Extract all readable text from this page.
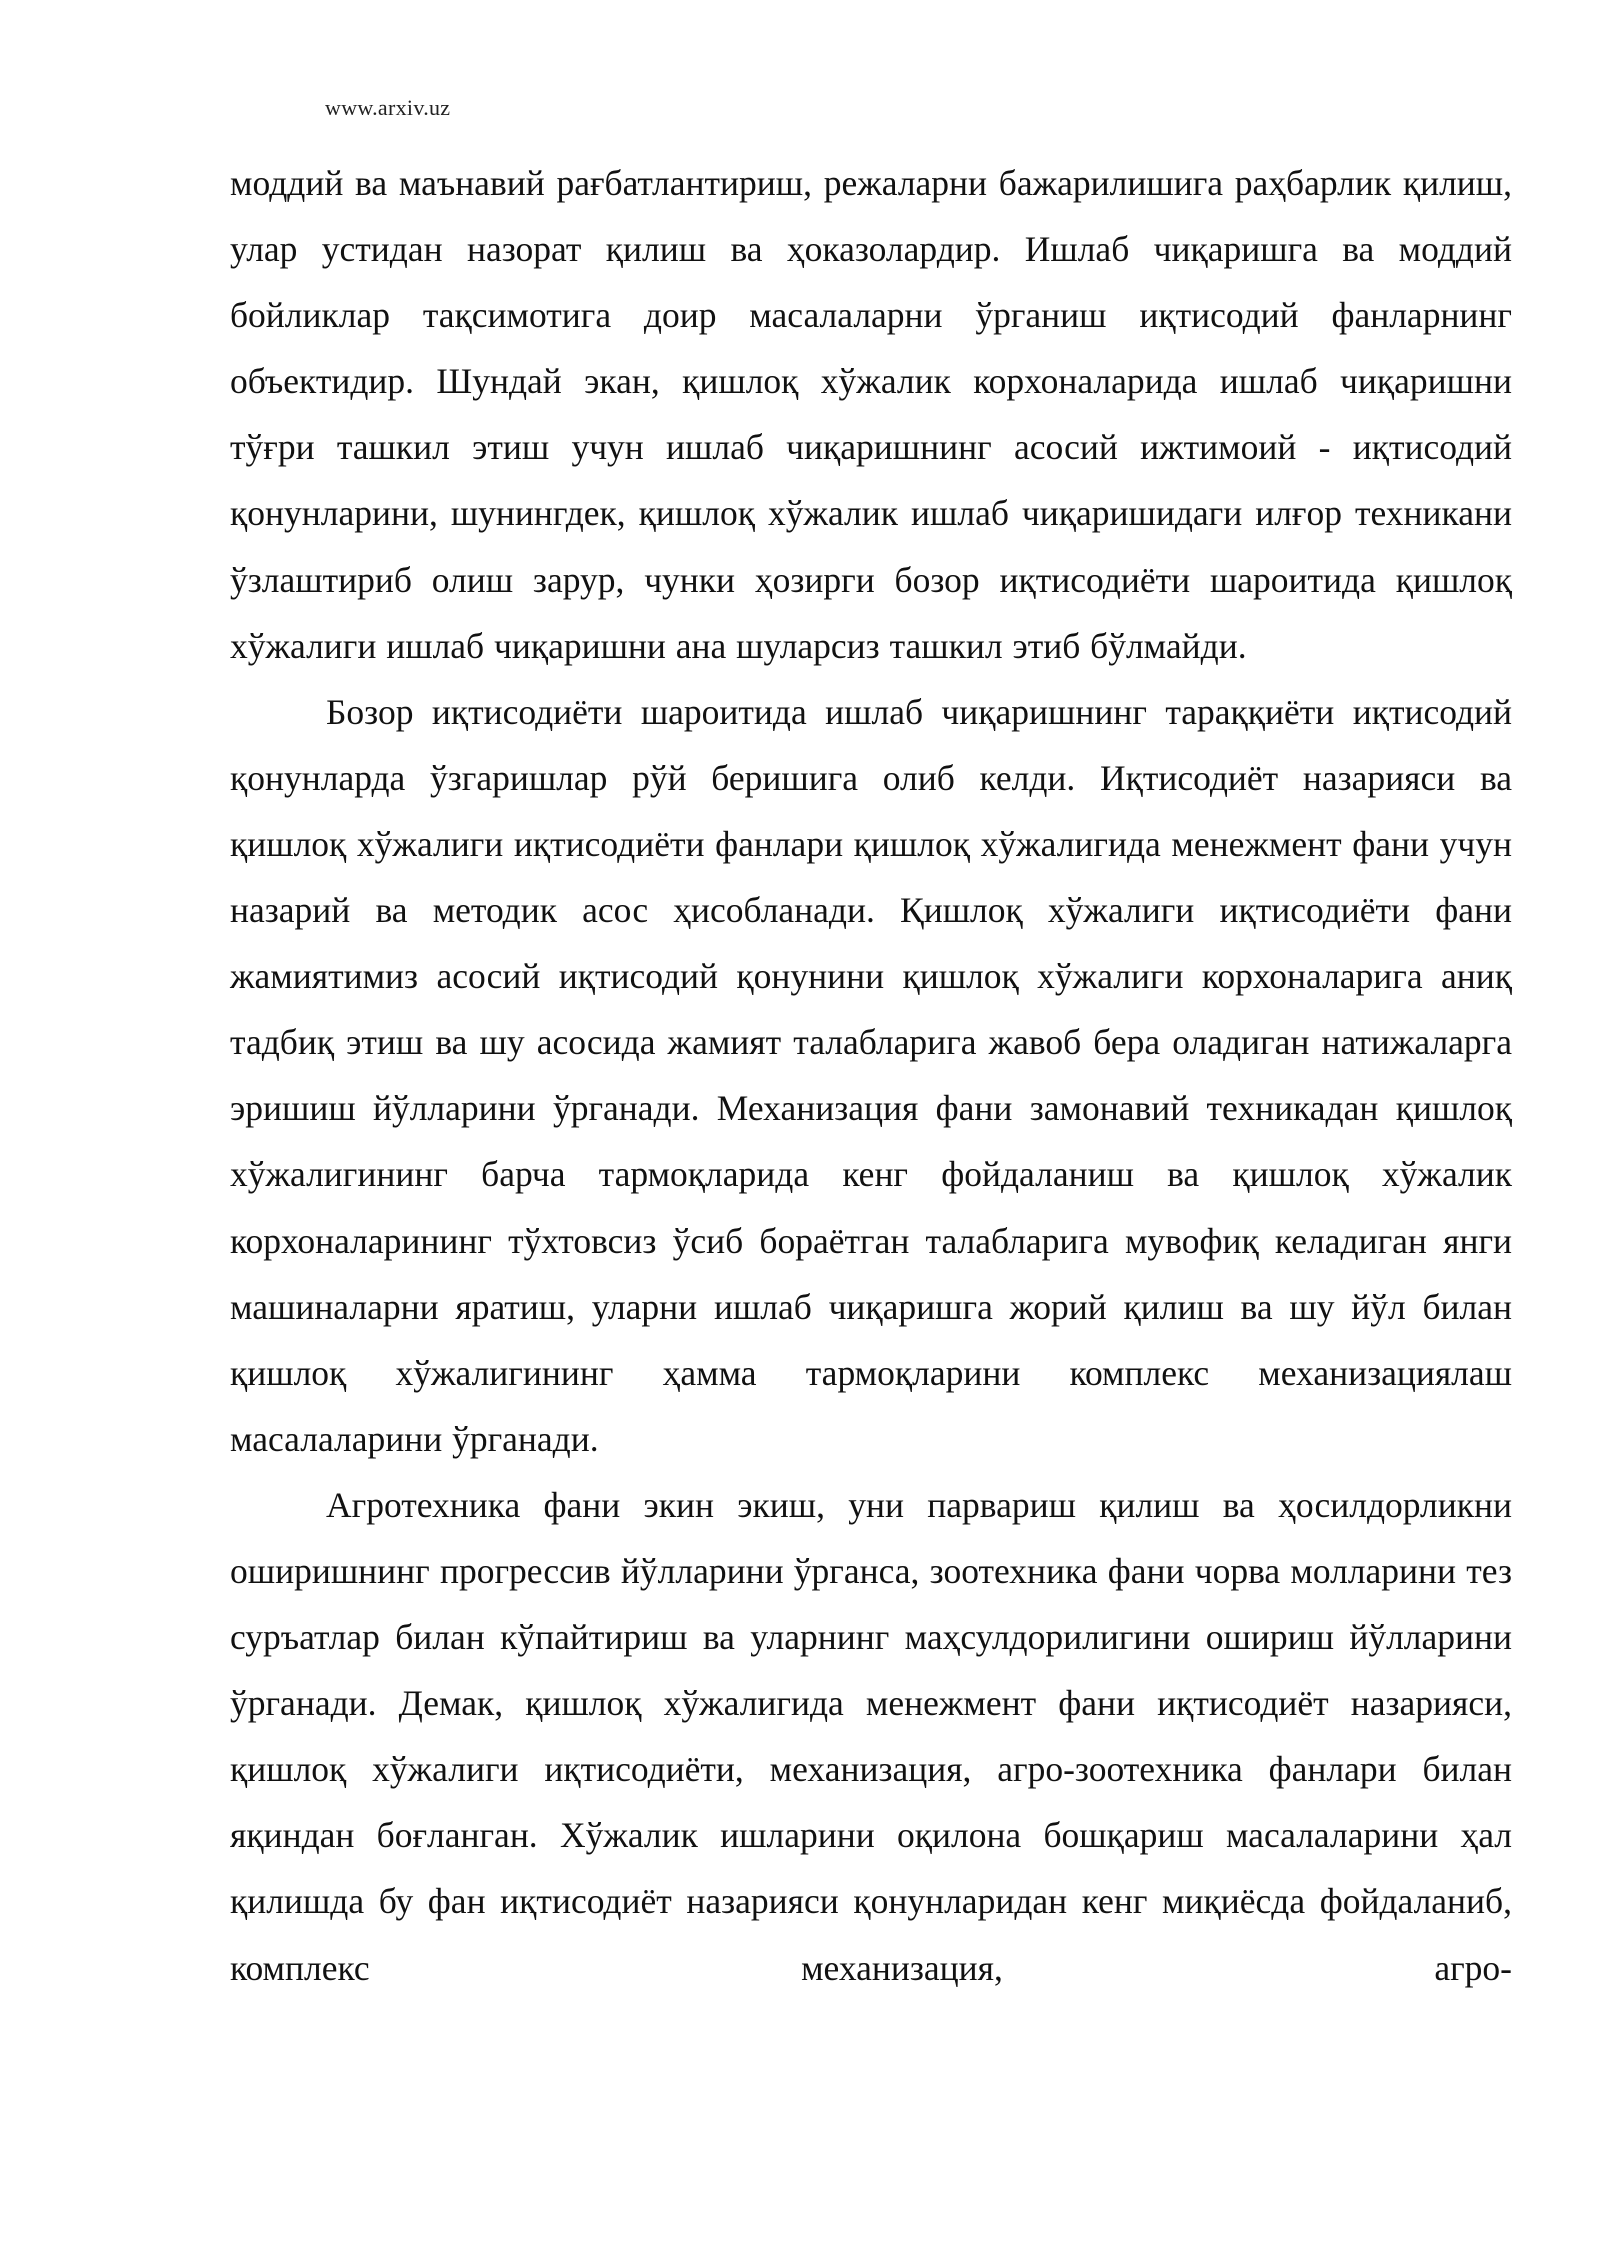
www.arxiv.uz

моддий ва маънавий рағбатлантириш, режаларни бажарилишига раҳбарлик қилиш, улар устидан назорат қилиш ва ҳоказолардир. Ишлаб чиқаришга ва моддий бойликлар тақсимотига доир масалаларни ўрганиш иқтисодий фанларнинг объектидир. Шундай экан, қишлоқ хўжалик корхоналарида ишлаб чиқаришни тўғри ташкил этиш учун ишлаб чиқаришнинг асосий ижтимоий - иқтисодий қонунларини, шунингдек, қишлоқ хўжалик ишлаб чиқаришидаги илғор техникани ўзлаштириб олиш зарур, чунки ҳозирги бозор иқтисодиёти шароитида қишлоқ хўжалиги ишлаб чиқаришни ана шуларсиз ташкил этиб бўлмайди.

Бозор иқтисодиёти шароитида ишлаб чиқаришнинг тараққиёти иқтисодий қонунларда ўзгаришлар рўй беришига олиб келди. Иқтисодиёт назарияси ва қишлоқ хўжалиги иқтисодиёти фанлари қишлоқ хўжалигида менежмент фани учун назарий ва методик асос ҳисобланади. Қишлоқ хўжалиги иқтисодиёти фани жамиятимиз асосий иқтисодий қонунини қишлоқ хўжалиги корхоналарига аниқ тадбиқ этиш ва шу асосида жамият талабларига жавоб бера оладиган натижаларга эришиш йўлларини ўрганади. Механизация фани замонавий техникадан қишлоқ хўжалигининг барча тармоқларида кенг фойдаланиш ва қишлоқ хўжалик корхоналарининг тўхтовсиз ўсиб бораётган талабларига мувофиқ келадиган янги машиналарни яратиш, уларни ишлаб чиқаришга жорий қилиш ва шу йўл билан қишлоқ хўжалигининг ҳамма тармоқларини комплекс механизациялаш масалаларини ўрганади.

Агротехника фани экин экиш, уни парвариш қилиш ва ҳосилдорликни оширишнинг прогрессив йўлларини ўрганса, зоотехника фани чорва молларини тез суръатлар билан кўпайтириш ва уларнинг маҳсулдорилигини ошириш йўлларини ўрганади. Демак, қишлоқ хўжалигида менежмент фани иқтисодиёт назарияси, қишлоқ хўжалиги иқтисодиёти, механизация, агро-зоотехника фанлари билан яқиндан боғланган. Хўжалик ишларини оқилона бошқариш масалаларини ҳал қилишда бу фан иқтисодиёт назарияси қонунларидан кенг миқиёсда фойдаланиб, комплекс механизация, агро-
